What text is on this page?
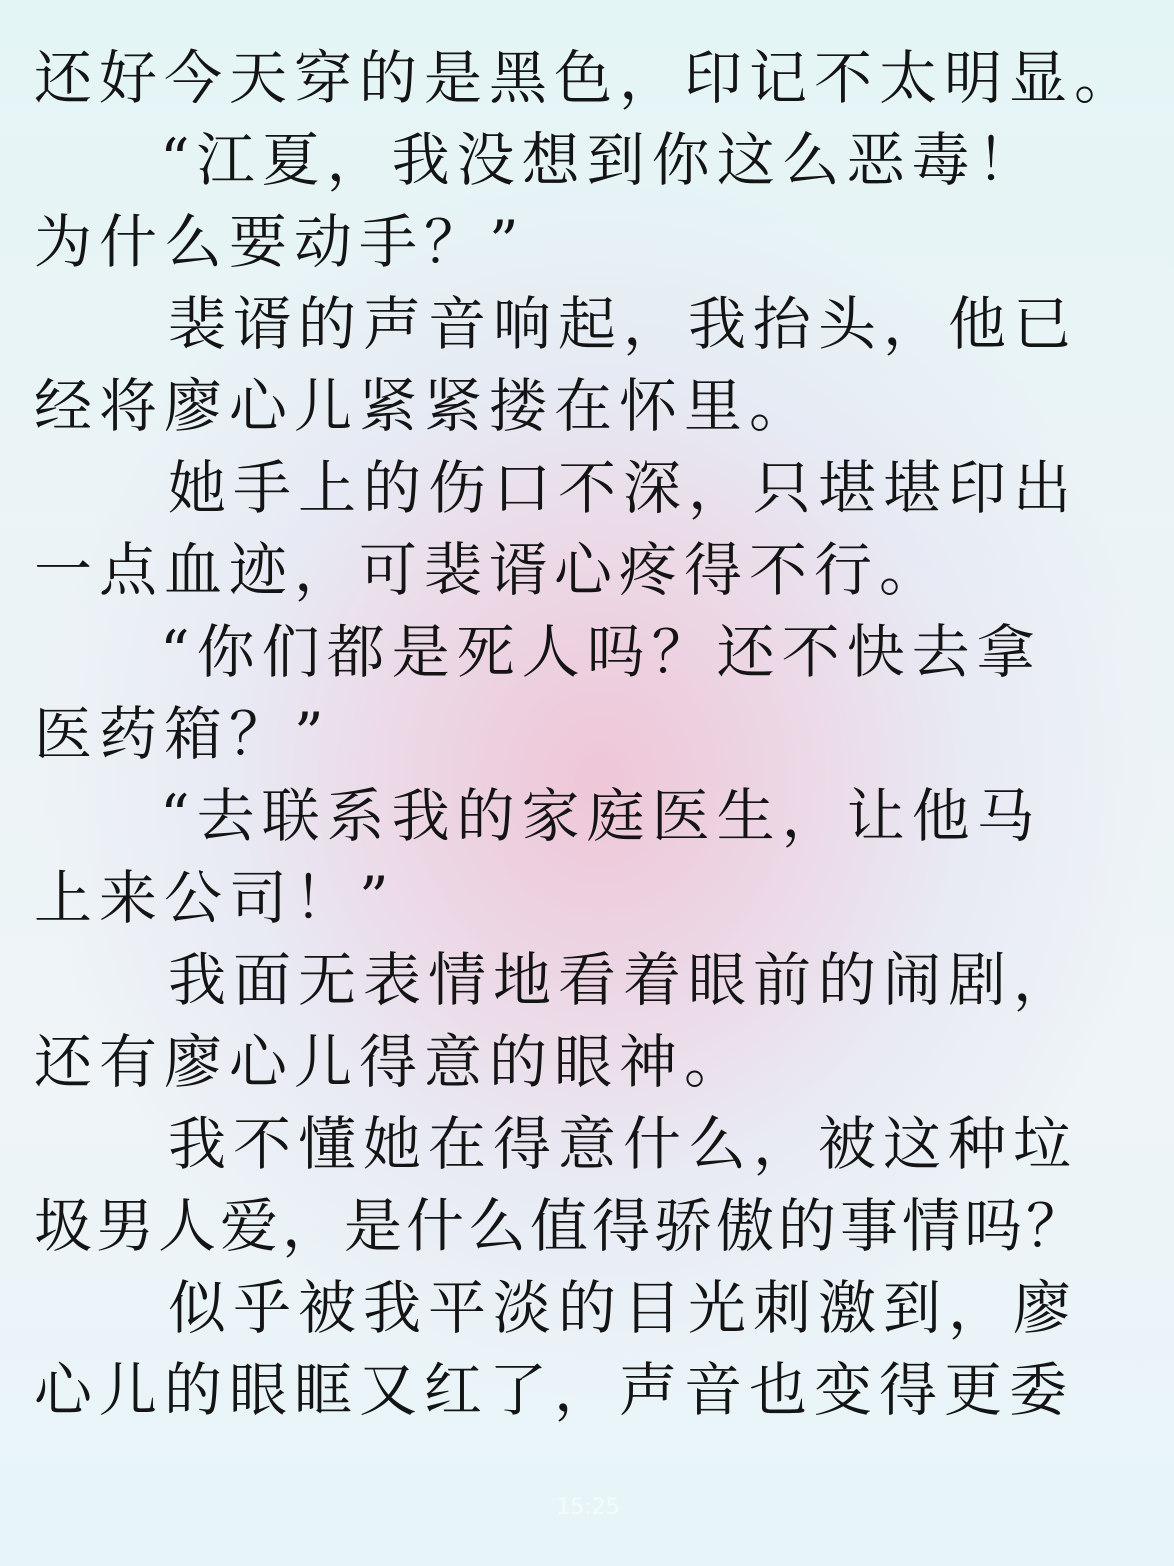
还好今天穿的是黑色，印记不太明显。
“江夏，我没想到你这么恶毒！
为什么要动手？”
裴谞的声音响起，我抬头，他已
经将廖心儿紧紧搂在怀里。
她手上的伤口不深，只堪堪印出
一点血迹，可裴谞心疼得不行。
“你们都是死人吗？还不快去拿
医药箱？”
“去联系我的家庭医生，让他马
上来公司！”
我面无表情地看着眼前的闹剧，
还有廖心儿得意的眼神。
我不懂她在得意什么，被这种垃
圾男人爱，是什么值得骄傲的事情吗？
似乎被我平淡的目光刺激到，廖
心儿的眼眶又红了，声音也变得更委
15:25
